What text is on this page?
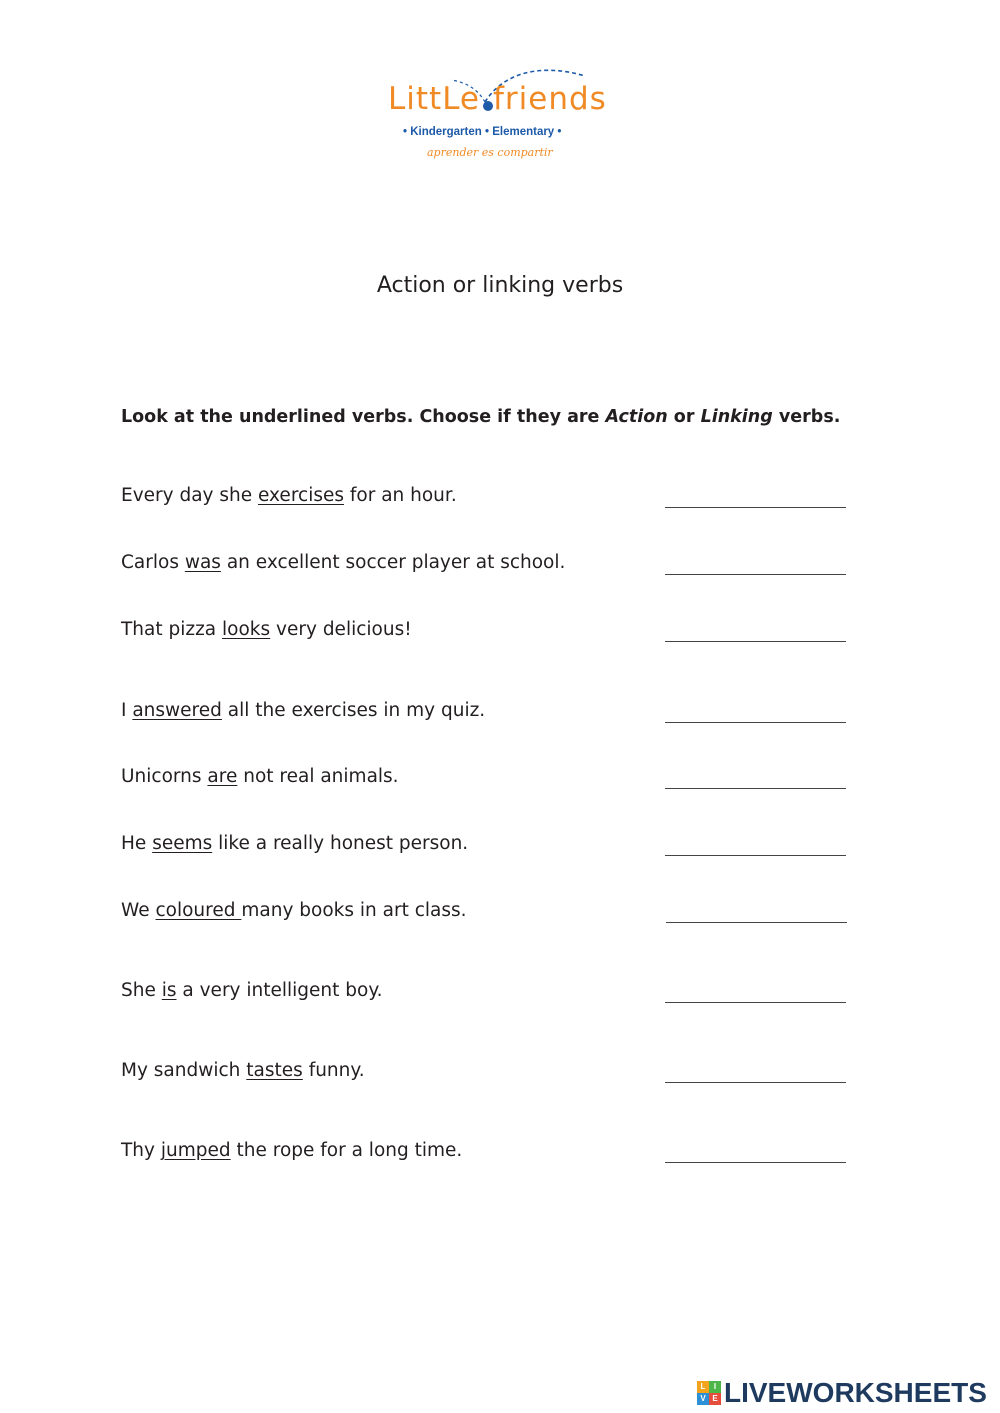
LittLe friends
• Kindergarten • Elementary •
aprender es compartir
Action or linking verbs
Look at the underlined verbs. Choose if they are Action or Linking verbs.
Every day she exercises for an hour.
Carlos was an excellent soccer player at school.
That pizza looks very delicious!
I answered all the exercises in my quiz.
Unicorns are not real animals.
He seems like a really honest person.
We coloured many books in art class.
She is a very intelligent boy.
My sandwich tastes funny.
Thy jumped the rope for a long time.
L	I
V E LIVEWORKSHEETS
